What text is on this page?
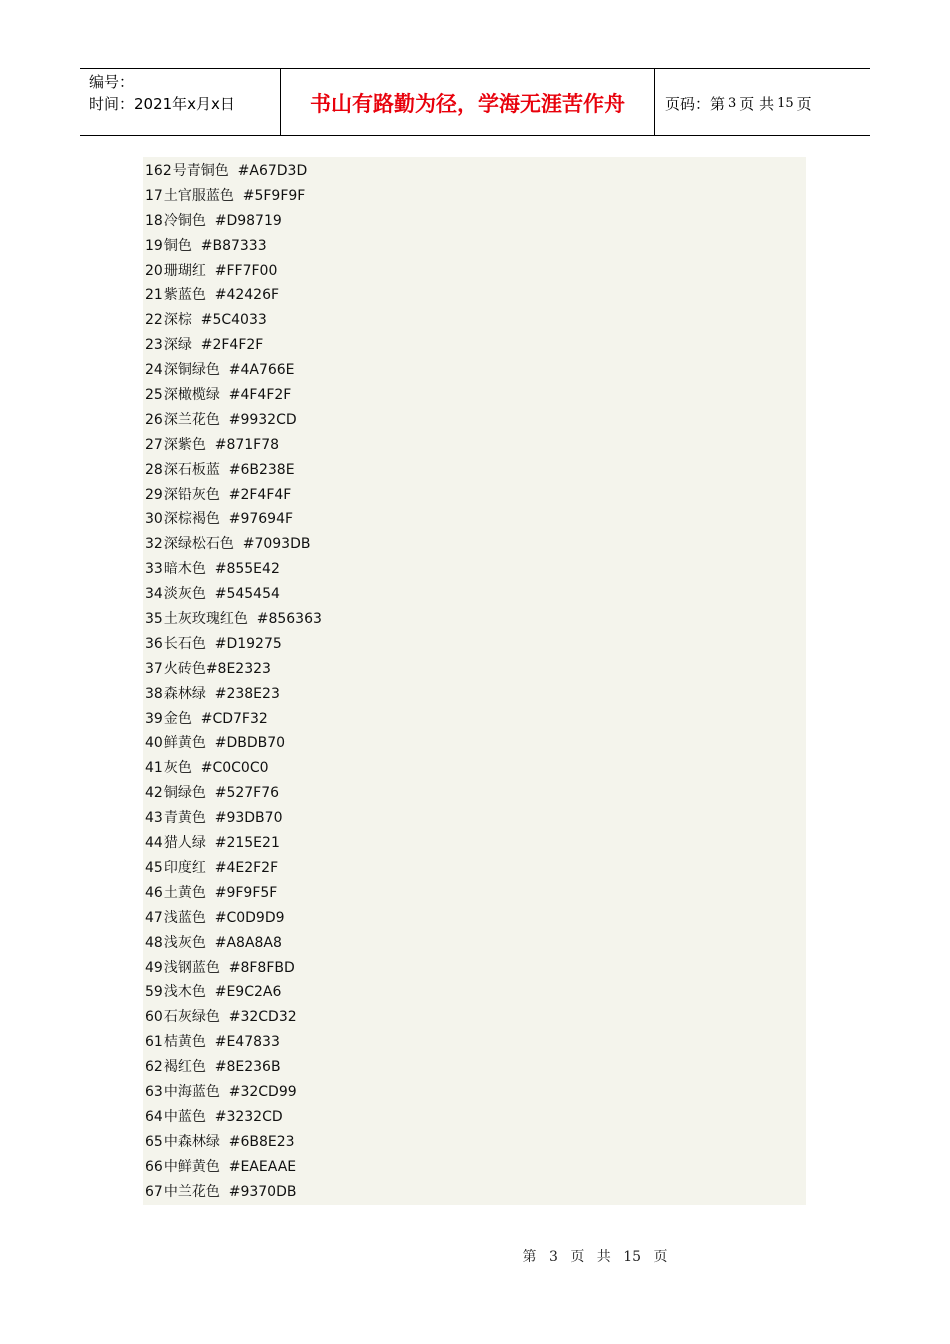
编号：
时间：2021年x月x日	书山有路勤为径，学海无涯苦作舟	页码：第 3 页 共 15 页
162号青铜色 #A67D3D
17土官服蓝色 #5F9F9F
18冷铜色 #D98719
19铜色 #B87333
20珊瑚红 #FF7F00
21紫蓝色 #42426F
22深棕 #5C4033
23深绿 #2F4F2F
24深铜绿色 #4A766E
25深橄榄绿 #4F4F2F
26深兰花色 #9932CD
27深紫色 #871F78
28深石板蓝 #6B238E
29深铅灰色 #2F4F4F
30深棕褐色 #97694F
32深绿松石色 #7093DB
33暗木色 #855E42
34淡灰色 #545454
35土灰玫瑰红色 #856363
36长石色 #D19275
37火砖色#8E2323
38森林绿 #238E23
39金色 #CD7F32
40鲜黄色 #DBDB70
41灰色 #C0C0C0
42铜绿色 #527F76
43青黄色 #93DB70
44猎人绿 #215E21
45印度红 #4E2F2F
46土黄色 #9F9F5F
47浅蓝色 #C0D9D9
48浅灰色 #A8A8A8
49浅钢蓝色 #8F8FBD
59浅木色 #E9C2A6
60石灰绿色 #32CD32
61桔黄色 #E47833
62褐红色 #8E236B
63中海蓝色 #32CD99
64中蓝色 #3232CD
65中森林绿 #6B8E23
66中鲜黄色 #EAEAAE
67中兰花色 #9370DB
第 3 页 共 15 页
